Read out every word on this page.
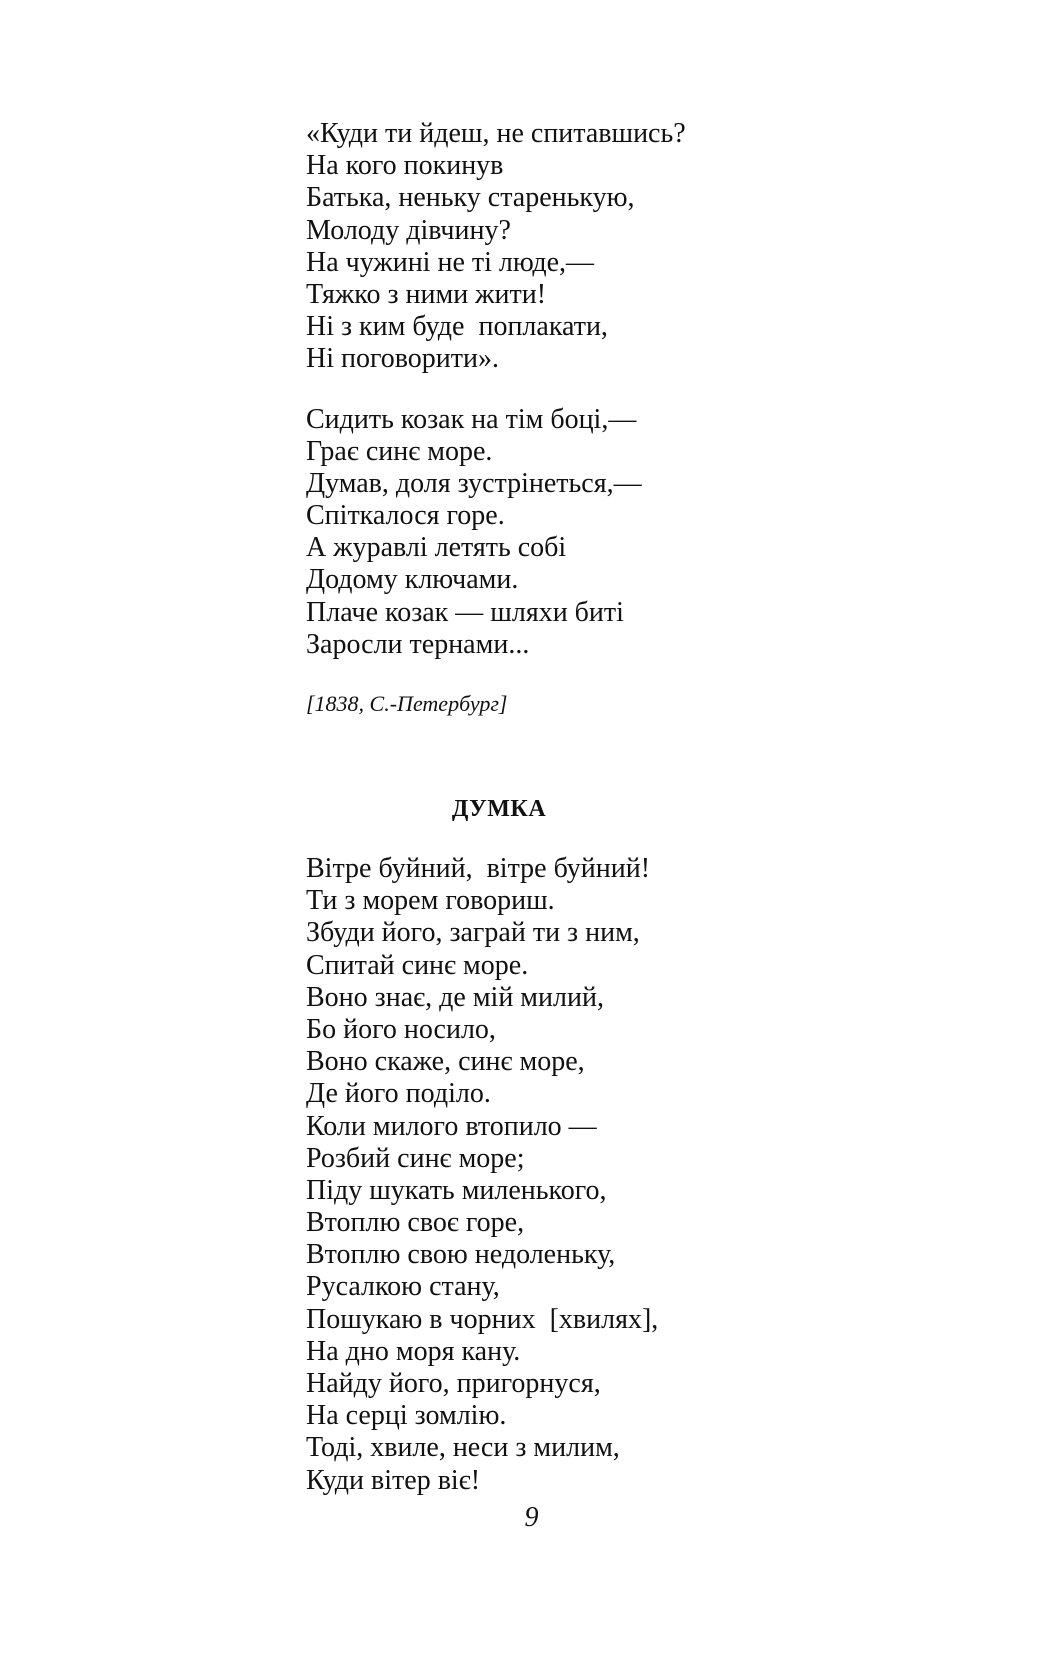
«Куди ти йдеш, не спитавшись?
На кого покинув
Батька, неньку старенькую,
Молоду дівчину?
На чужині не ті люде,—
Тяжко з ними жити!
Ні з ким буде  поплакати,
Ні поговорити».
Сидить козак на тім боці,—
Грає синє море.
Думав, доля зустрінеться,—
Спіткалося горе.
А журавлі летять собі
Додому ключами.
Плаче козак — шляхи биті
Заросли тернами...
[1838, С.-Петербург]
ДУМКА
Вітре буйний,  вітре буйний!
Ти з морем говориш.
Збуди його, заграй ти з ним,
Спитай синє море.
Воно знає, де мій милий,
Бо його носило,
Воно скаже, синє море,
Де його поділо.
Коли милого втопило —
Розбий синє море;
Піду шукать миленького,
Втоплю своє горе,
Втоплю свою недоленьку,
Русалкою стану,
Пошукаю в чорних  [хвилях],
На дно моря кану.
Найду його, пригорнуся,
На серці зомлію.
Тоді, хвиле, неси з милим,
Куди вітер віє!
9
